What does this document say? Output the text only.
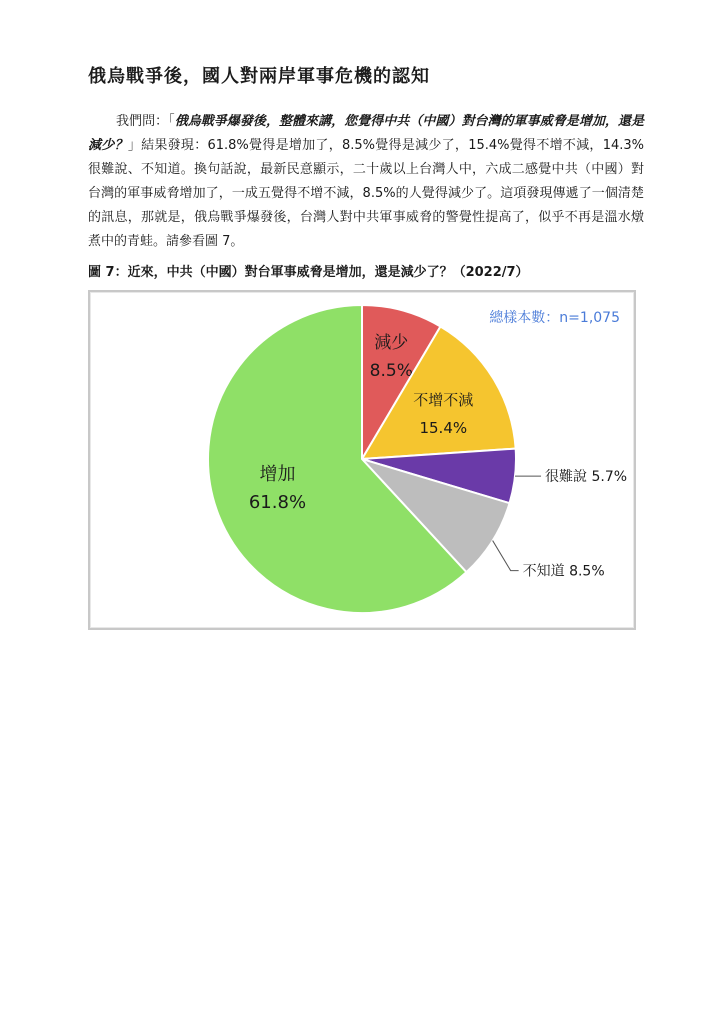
俄烏戰爭後，國人對兩岸軍事危機的認知
我們問：「俄烏戰爭爆發後，整體來講，您覺得中共（中國）對台灣的軍事威脅是增加，還是減少？」結果發現：61.8%覺得是增加了，8.5%覺得是減少了，15.4%覺得不增不減，14.3%很難說、不知道。換句話說，最新民意顯示，二十歲以上台灣人中，六成二感覺中共（中國）對台灣的軍事威脅增加了，一成五覺得不增不減，8.5%的人覺得減少了。這項發現傳遞了一個清楚的訊息，那就是，俄烏戰爭爆發後，台灣人對中共軍事威脅的警覺性提高了，似乎不再是溫水燉煮中的青蛙。請參看圖 7。
圖 7：近來，中共（中國）對台軍事威脅是增加，還是減少了？（2022/7）
總樣本數：n=1,075
減少
8.5%
不增不減
15.4%
很難說 5.7%
不知道 8.5%
增加
61.8%
